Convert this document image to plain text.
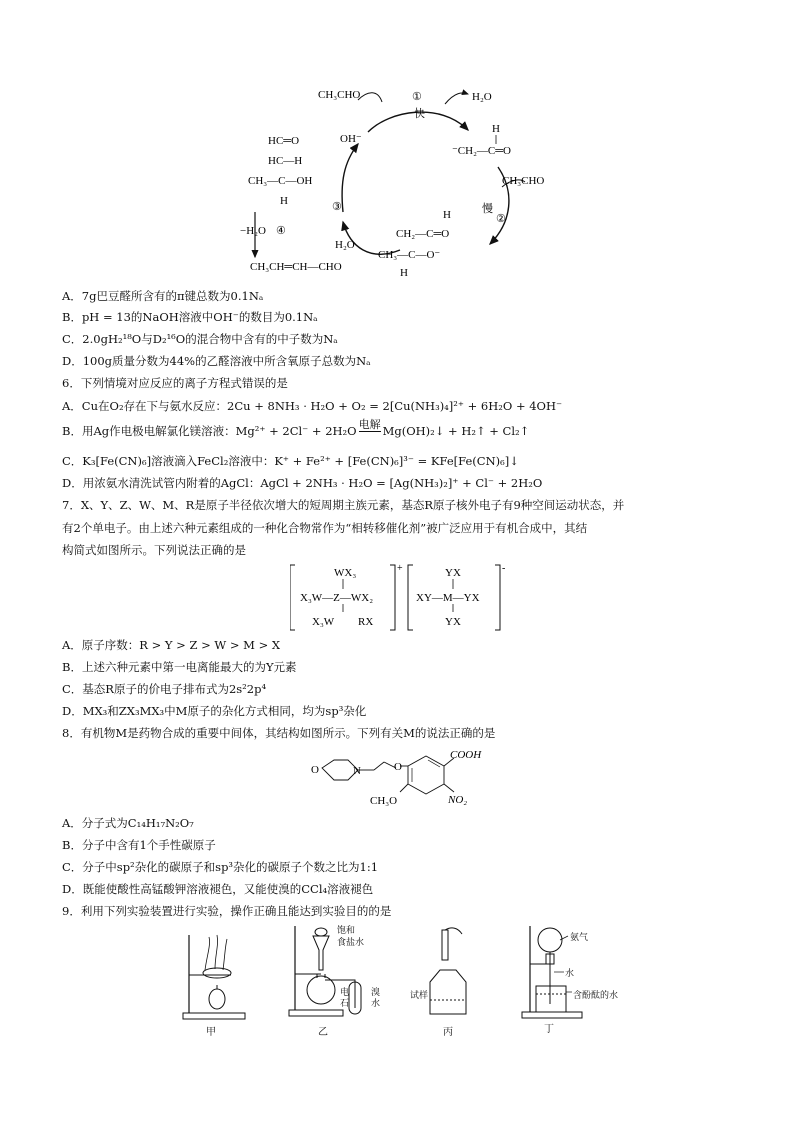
CH₃CHO	H₂O
①
快
H
⁻CH₂—C═O
CH₃CHO
慢
②
H
CH₂—C═O
CH₃—C—O⁻
H
H₂O
③
OH⁻
HC═O
HC—H
CH₃—C—OH
H
−H₂O ④
CH₃CH═CH—CHO
A．7g巴豆醛所含有的π键总数为0.1Nₐ
B．pH = 13的NaOH溶液中OH⁻的数目为0.1Nₐ
C．2.0gH₂¹⁸O与D₂¹⁶O的混合物中含有的中子数为Nₐ
D．100g质量分数为44%的乙醛溶液中所含氧原子总数为Nₐ
6．下列情境对应反应的离子方程式错误的是
A．Cu在O₂存在下与氨水反应：2Cu + 8NH₃ · H₂O + O₂ = 2[Cu(NH₃)₄]²⁺ + 6H₂O + 4OH⁻
B．用Ag作电极电解氯化镁溶液：Mg²⁺ + 2Cl⁻ + 2H₂O 电解 Mg(OH)₂↓ + H₂↑ + Cl₂↑
C．K₃[Fe(CN)₆]溶液滴入FeCl₂溶液中：K⁺ + Fe²⁺ + [Fe(CN)₆]³⁻ = KFe[Fe(CN)₆]↓
D．用浓氨水清洗试管内附着的AgCl：AgCl + 2NH₃ · H₂O = [Ag(NH₃)₂]⁺ + Cl⁻ + 2H₂O
7．X、Y、Z、W、M、R是原子半径依次增大的短周期主族元素，基态R原子核外电子有9种空间运动状态，并
有2个单电子。由上述六种元素组成的一种化合物常作为“相转移催化剂”被广泛应用于有机合成中，其结
构简式如图所示。下列说法正确的是
WX₃
X₃W—Z—WX₂
X₃W RX
+	YX
XY—M—YX
YX
-
A．原子序数：R > Y > Z > W > M > X
B．上述六种元素中第一电离能最大的为Y元素
C．基态R原子的价电子排布式为2s²2p⁴
D．MX₃和ZX₃MX₃中M原子的杂化方式相同，均为sp³杂化
8．有机物M是药物合成的重要中间体，其结构如图所示。下列有关M的说法正确的是
O	N	O
COOH
CH₃O	NO₂
A．分子式为C₁₄H₁₇N₂O₇
B．分子中含有1个手性碳原子
C．分子中sp²杂化的碳原子和sp³杂化的碳原子个数之比为1:1
D．既能使酸性高锰酸钾溶液褪色，又能使溴的CCl₄溶液褪色
9．利用下列实验装置进行实验，操作正确且能达到实验目的的是
甲
饱和
食盐水
电
石
溴
水
乙
试样
丙
氨气
水
含酚酞的水
丁
